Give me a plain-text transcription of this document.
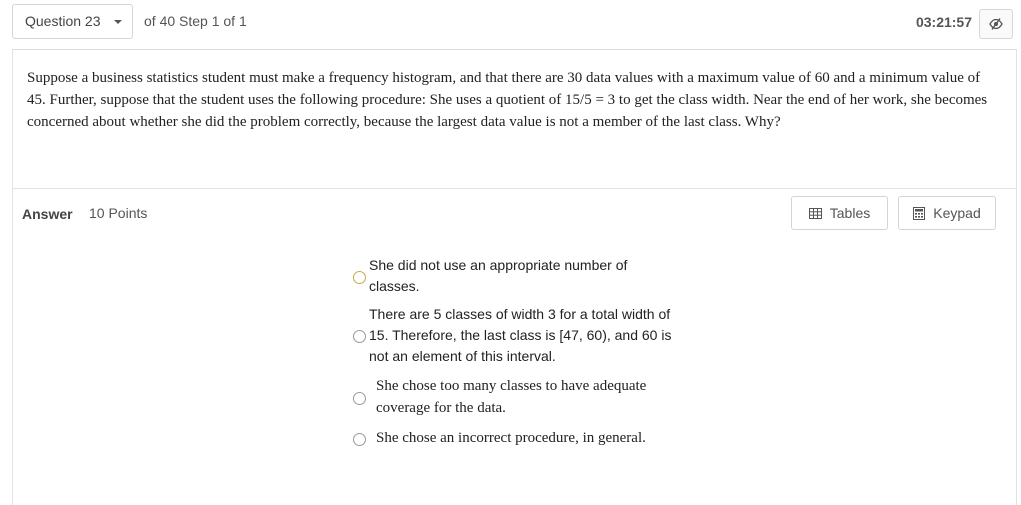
Question 23	of 40 Step 1 of 1	03:21:57
Suppose a business statistics student must make a frequency histogram, and that there are 30 data values with a maximum value of 60 and a minimum value of 45. Further, suppose that the student uses the following procedure: She uses a quotient of 15/5 = 3 to get the class width. Near the end of her work, she becomes concerned about whether she did the problem correctly, because the largest data value is not a member of the last class. Why?
Answer 10 Points	Tables	Keypad
She did not use an appropriate number of
classes.
There are 5 classes of width 3 for a total width of
15. Therefore, the last class is [47, 60), and 60 is
not an element of this interval.
She chose too many classes to have adequate
coverage for the data.
She chose an incorrect procedure, in general.
